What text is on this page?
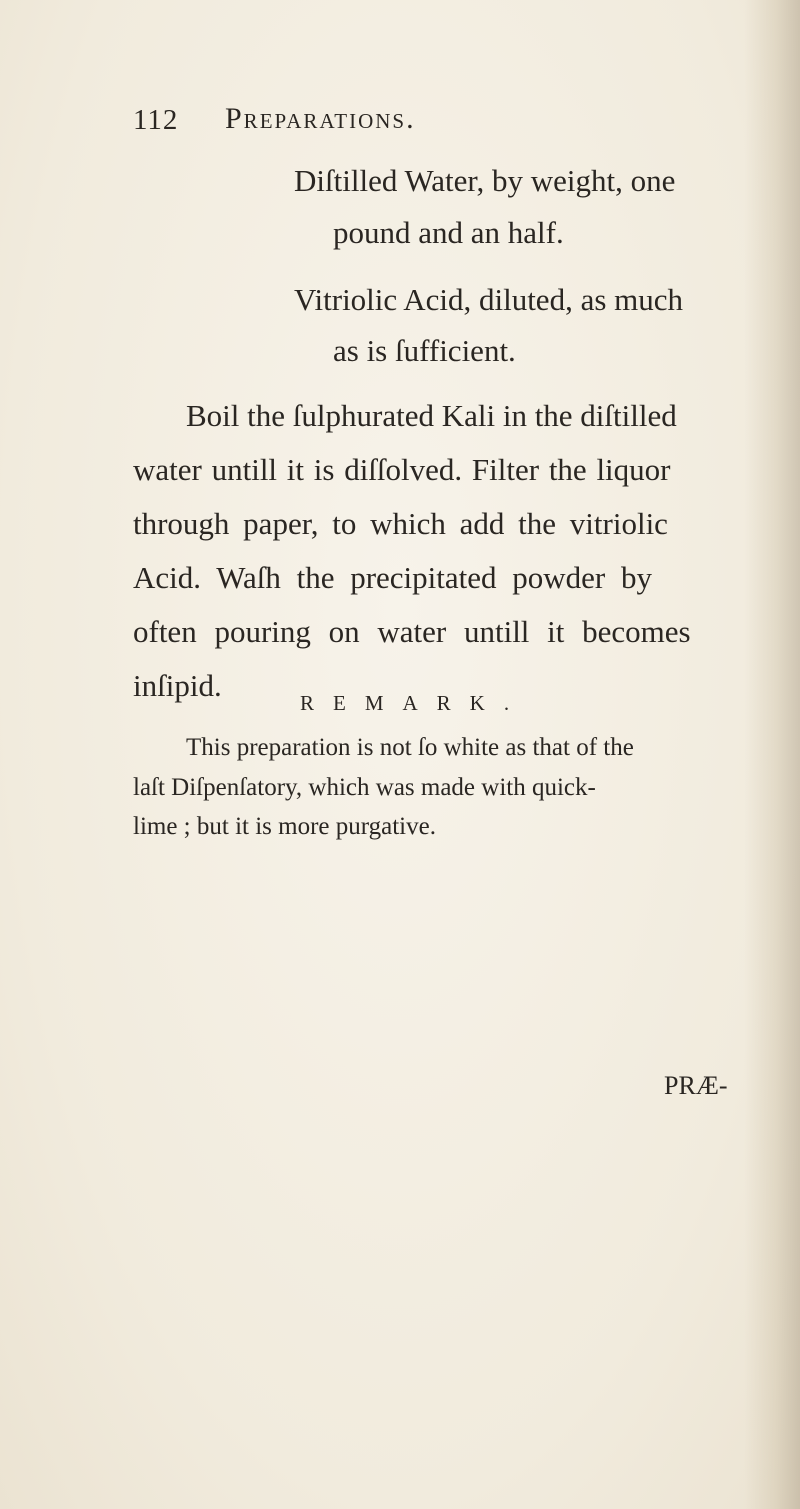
112 Preparations.
Diſtilled Water, by weight, one
pound and an half.
Vitriolic Acid, diluted, as much
as is ſufficient.
Boil the ſulphurated Kali in the diſtilled
water untill it is diſſolved. Filter the liquor
through paper, to which add the vitriolic
Acid. Waſh the precipitated powder by
often pouring on water untill it becomes
inſipid.	REMARK.
This preparation is not ſo white as that of the
laſt Diſpenſatory, which was made with quick-
lime ; but it is more purgative.
PRÆ-
